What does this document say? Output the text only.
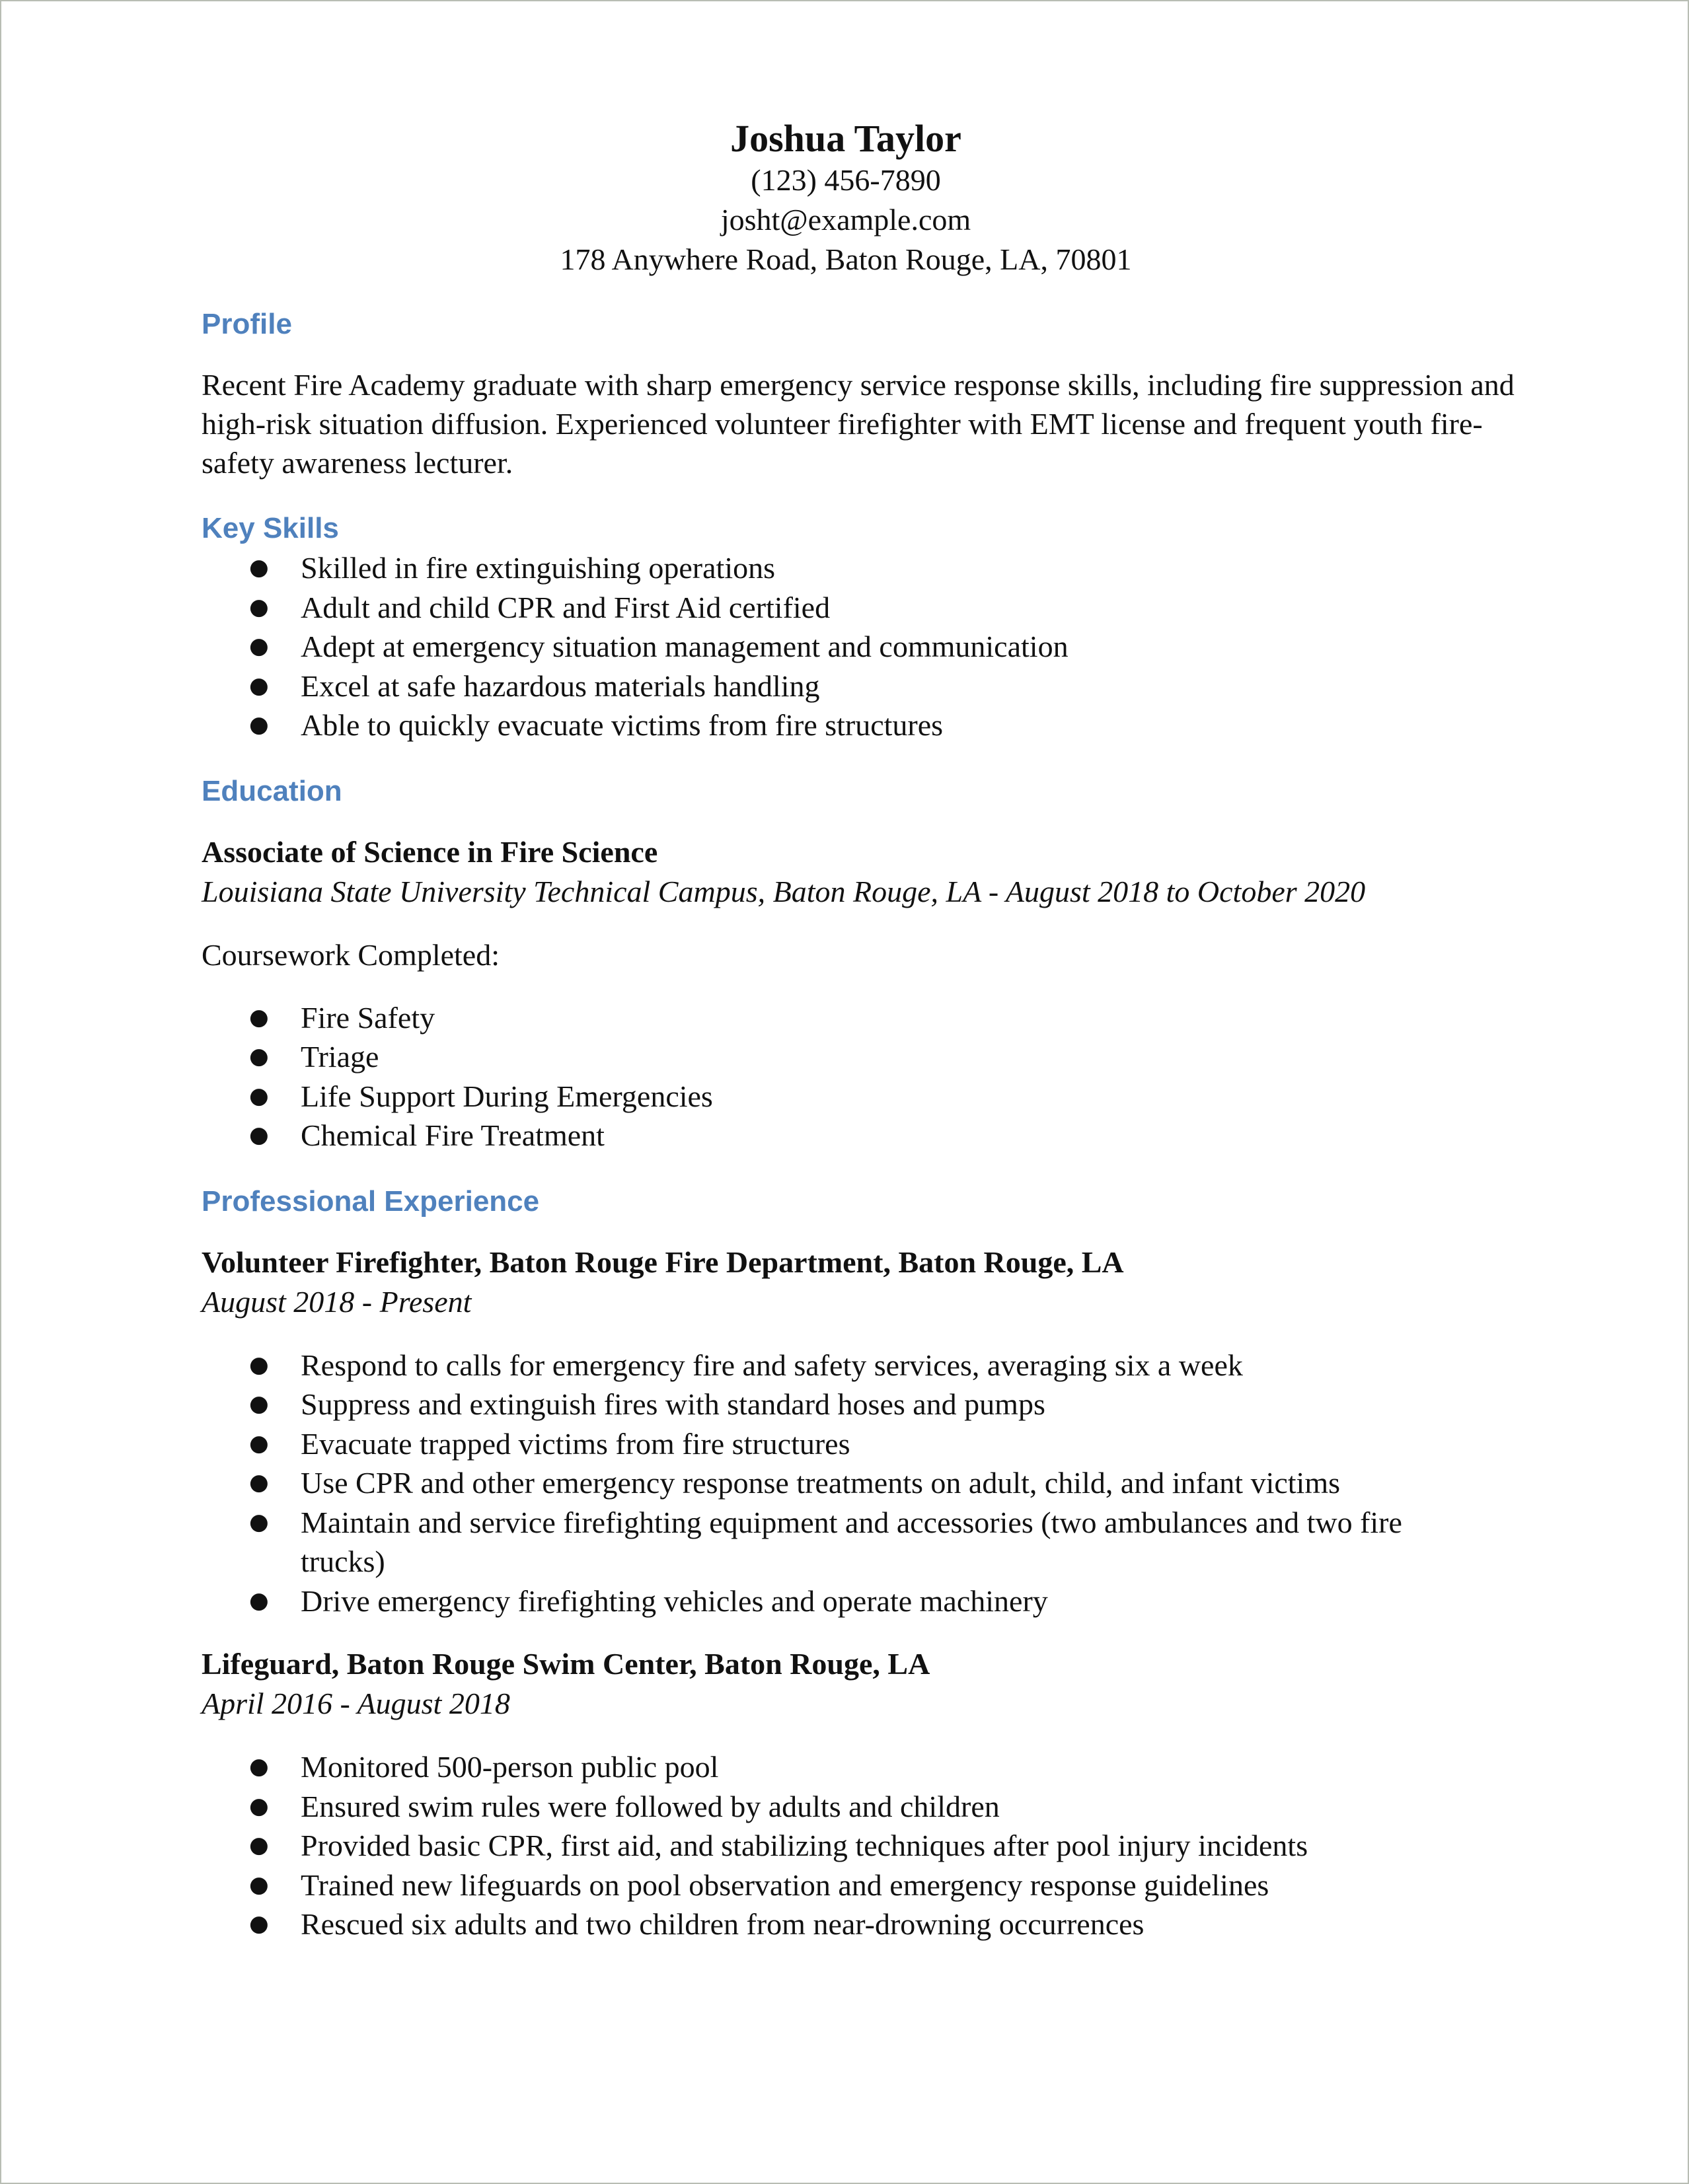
Joshua Taylor

(123) 456-7890

josht@example.com

178 Anywhere Road, Baton Rouge, LA, 70801

Profile

Recent Fire Academy graduate with sharp emergency service response skills, including fire suppression and high-risk situation diffusion. Experienced volunteer firefighter with EMT license and frequent youth fire-safety awareness lecturer.

Key Skills

● Skilled in fire extinguishing operations
● Adult and child CPR and First Aid certified
● Adept at emergency situation management and communication
● Excel at safe hazardous materials handling
● Able to quickly evacuate victims from fire structures

Education

Associate of Science in Fire Science

Louisiana State University Technical Campus, Baton Rouge, LA - August 2018 to October 2020

Coursework Completed:

● Fire Safety
● Triage
● Life Support During Emergencies
● Chemical Fire Treatment

Professional Experience

Volunteer Firefighter, Baton Rouge Fire Department, Baton Rouge, LA

August 2018 - Present

● Respond to calls for emergency fire and safety services, averaging six a week
● Suppress and extinguish fires with standard hoses and pumps
● Evacuate trapped victims from fire structures
● Use CPR and other emergency response treatments on adult, child, and infant victims
● Maintain and service firefighting equipment and accessories (two ambulances and two fire trucks)
● Drive emergency firefighting vehicles and operate machinery

Lifeguard, Baton Rouge Swim Center, Baton Rouge, LA

April 2016 - August 2018

● Monitored 500-person public pool
● Ensured swim rules were followed by adults and children
● Provided basic CPR, first aid, and stabilizing techniques after pool injury incidents
● Trained new lifeguards on pool observation and emergency response guidelines
● Rescued six adults and two children from near-drowning occurrences
